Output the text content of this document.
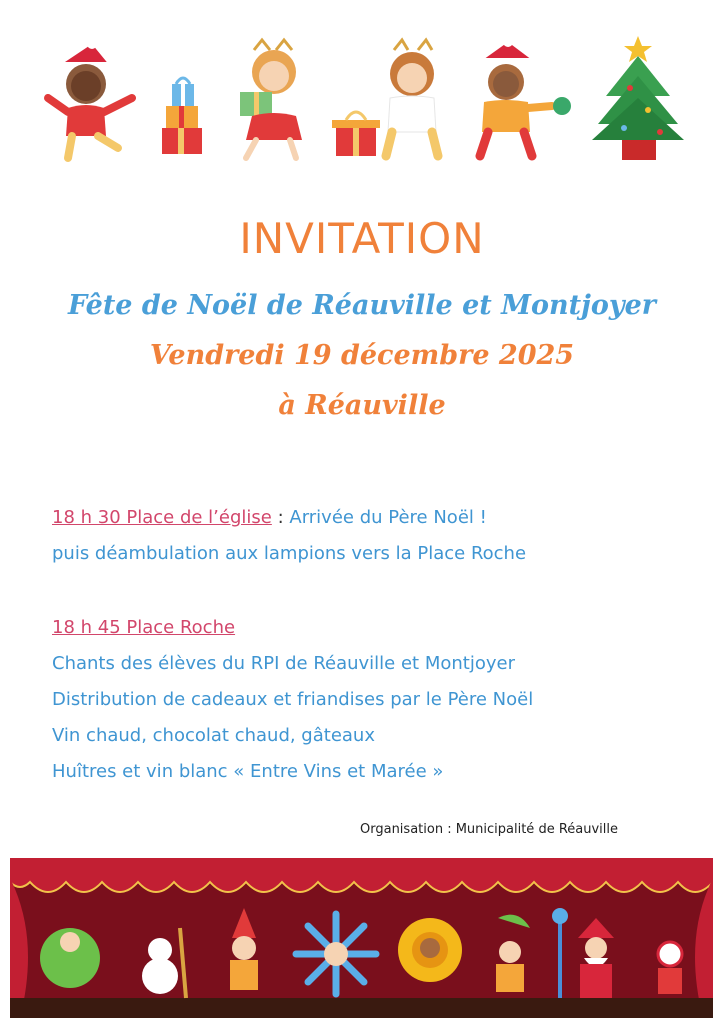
INVITATION
Fête de Noël de Réauville et Montjoyer
Vendredi 19 décembre 2025
à Réauville

18 h 30 Place de l’église : Arrivée du Père Noël !

puis déambulation aux lampions vers la Place Roche

18 h 45 Place Roche

Chants des élèves du RPI de Réauville et Montjoyer

Distribution de cadeaux et friandises par le Père Noël

Vin chaud, chocolat chaud, gâteaux

Huîtres et vin blanc « Entre Vins et Marée »

Organisation : Municipalité de Réauville
